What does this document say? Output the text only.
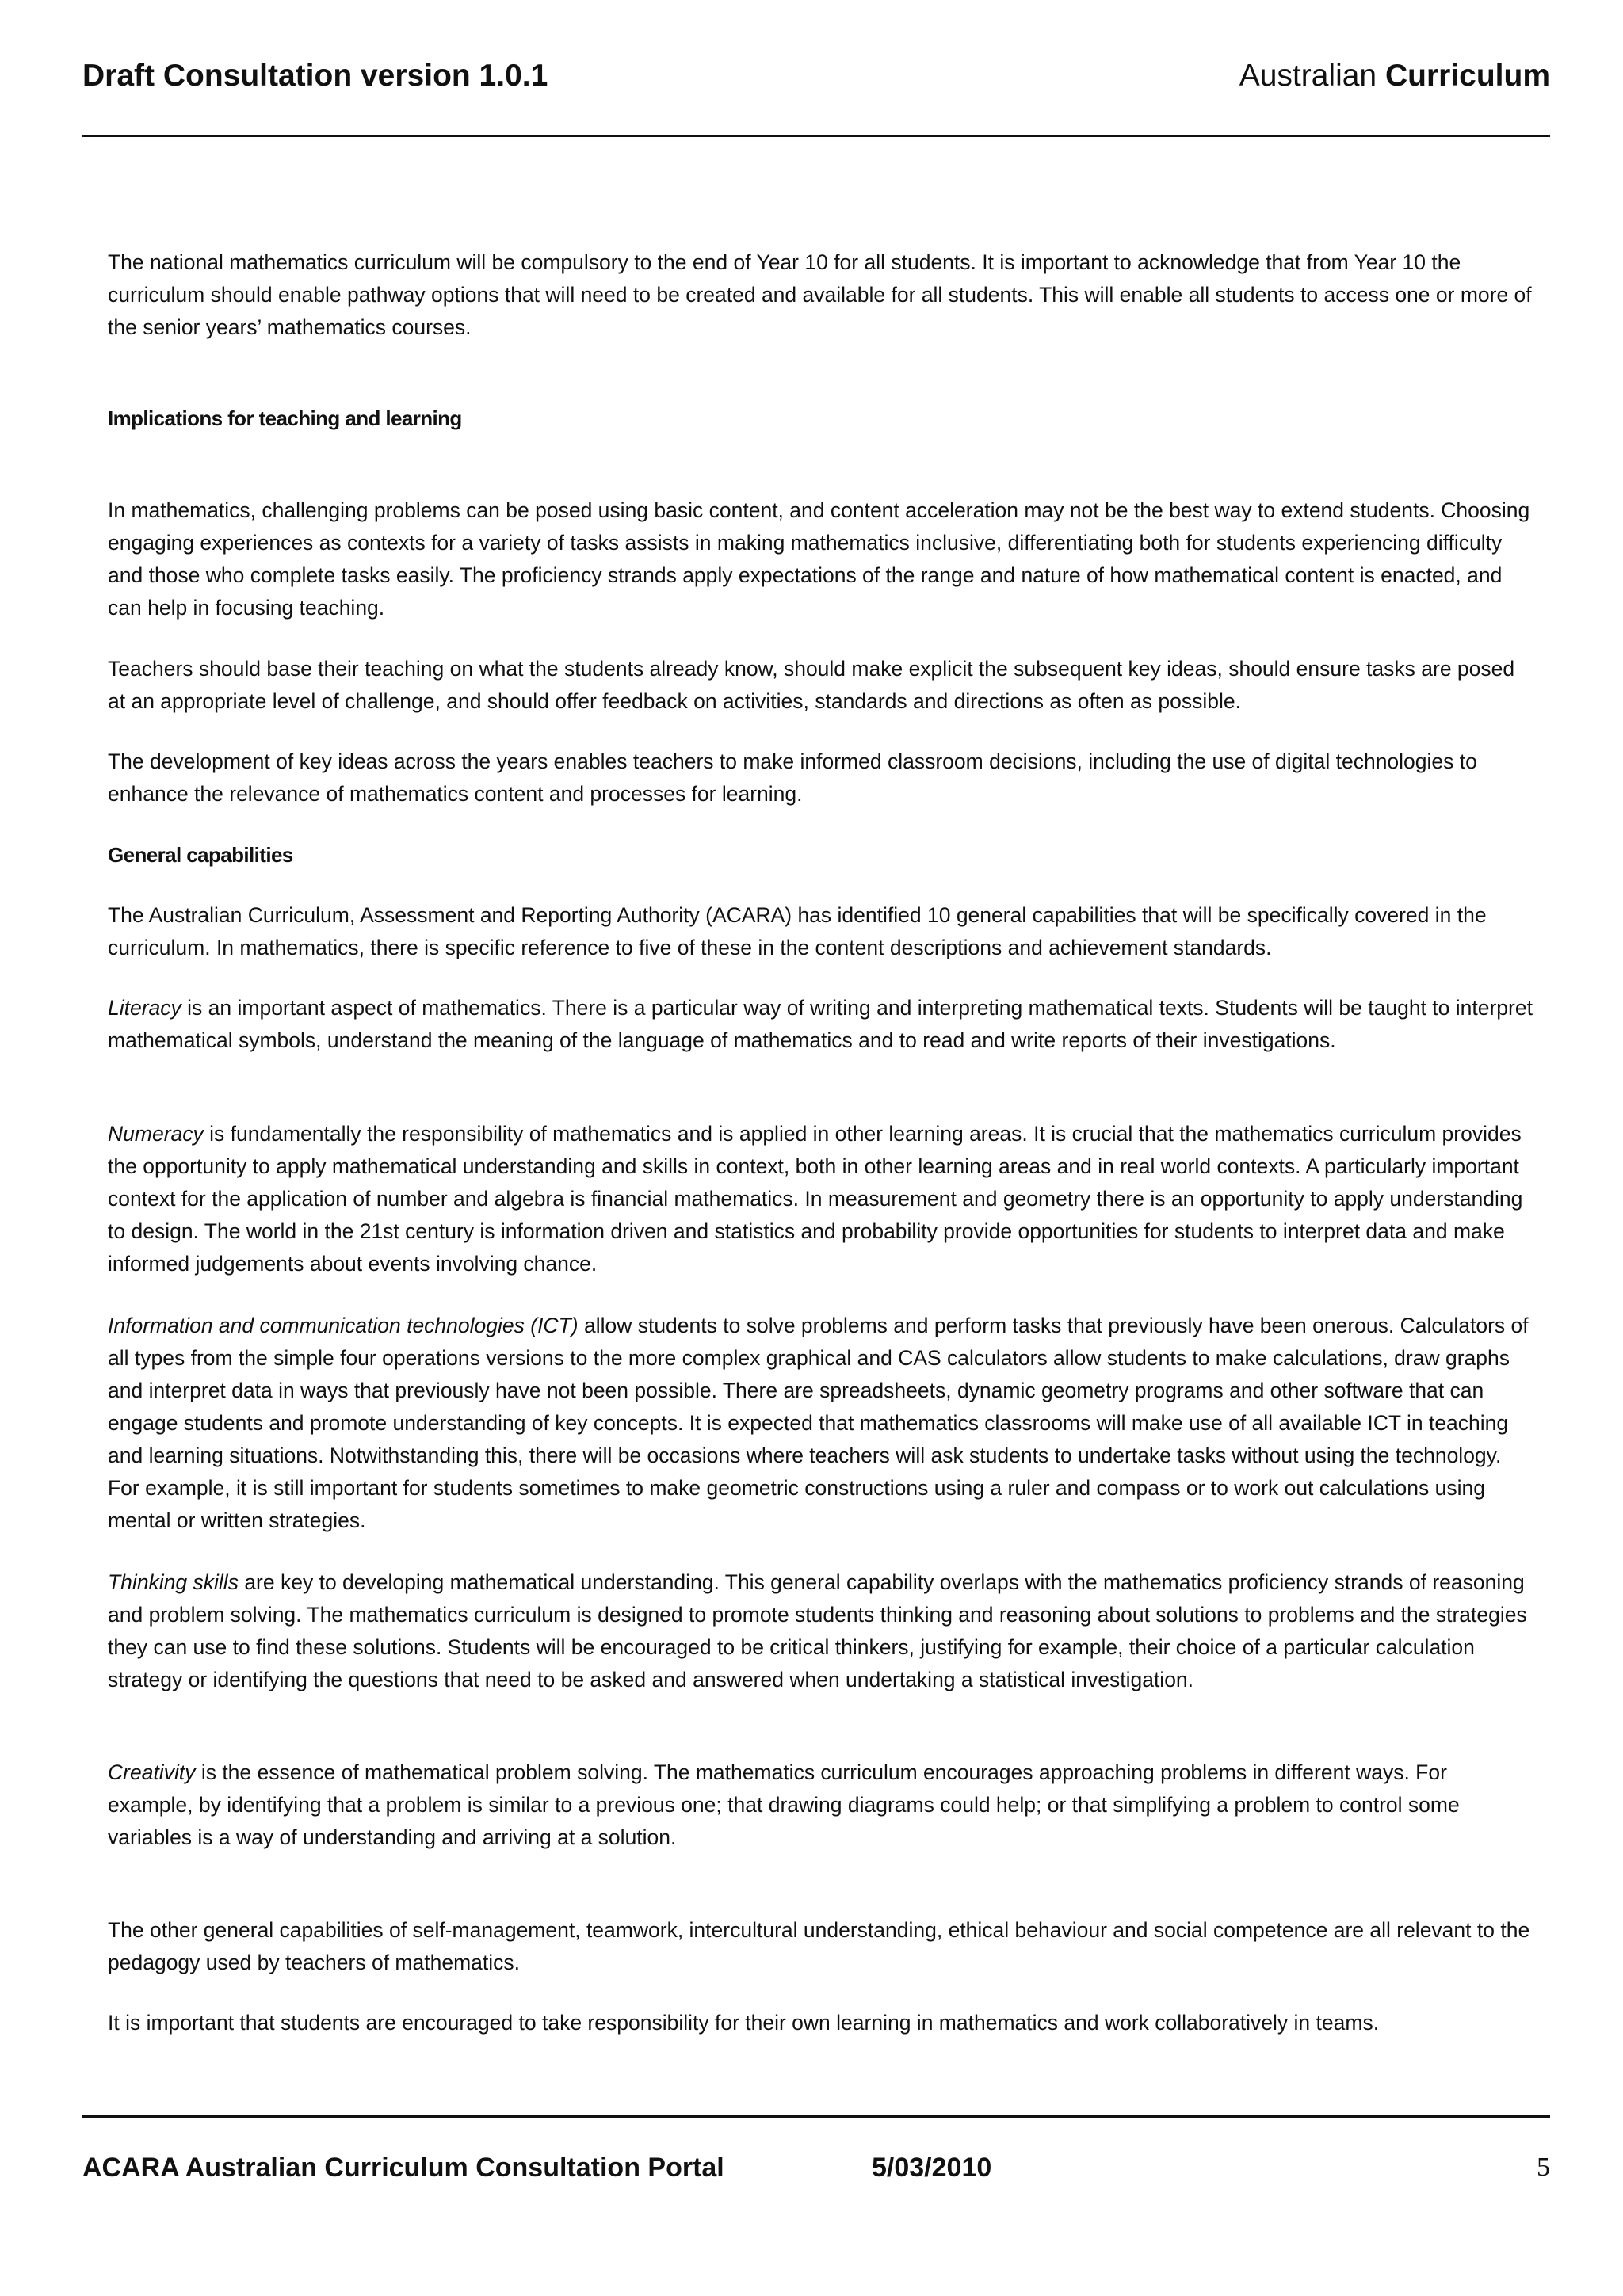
Draft Consultation version 1.0.1	Australian Curriculum

The national mathematics curriculum will be compulsory to the end of Year 10 for all students. It is important to acknowledge that from Year 10 the curriculum should enable pathway options that will need to be created and available for all students. This will enable all students to access one or more of the senior years’ mathematics courses.

Implications for teaching and learning

In mathematics, challenging problems can be posed using basic content, and content acceleration may not be the best way to extend students. Choosing engaging experiences as contexts for a variety of tasks assists in making mathematics inclusive, differentiating both for students experiencing difficulty and those who complete tasks easily. The proficiency strands apply expectations of the range and nature of how mathematical content is enacted, and can help in focusing teaching.

Teachers should base their teaching on what the students already know, should make explicit the subsequent key ideas, should ensure tasks are posed at an appropriate level of challenge, and should offer feedback on activities, standards and directions as often as possible.

The development of key ideas across the years enables teachers to make informed classroom decisions, including the use of digital technologies to enhance the relevance of mathematics content and processes for learning.

General capabilities

The Australian Curriculum, Assessment and Reporting Authority (ACARA) has identified 10 general capabilities that will be specifically covered in the curriculum. In mathematics, there is specific reference to five of these in the content descriptions and achievement standards.

Literacy is an important aspect of mathematics. There is a particular way of writing and interpreting mathematical texts. Students will be taught to interpret mathematical symbols, understand the meaning of the language of mathematics and to read and write reports of their investigations.

Numeracy is fundamentally the responsibility of mathematics and is applied in other learning areas. It is crucial that the mathematics curriculum provides the opportunity to apply mathematical understanding and skills in context, both in other learning areas and in real world contexts. A particularly important context for the application of number and algebra is financial mathematics. In measurement and geometry there is an opportunity to apply understanding to design. The world in the 21st century is information driven and statistics and probability provide opportunities for students to interpret data and make informed judgements about events involving chance.

Information and communication technologies (ICT) allow students to solve problems and perform tasks that previously have been onerous. Calculators of all types from the simple four operations versions to the more complex graphical and CAS calculators allow students to make calculations, draw graphs and interpret data in ways that previously have not been possible. There are spreadsheets, dynamic geometry programs and other software that can engage students and promote understanding of key concepts. It is expected that mathematics classrooms will make use of all available ICT in teaching and learning situations. Notwithstanding this, there will be occasions where teachers will ask students to undertake tasks without using the technology. For example, it is still important for students sometimes to make geometric constructions using a ruler and compass or to work out calculations using mental or written strategies.

Thinking skills are key to developing mathematical understanding. This general capability overlaps with the mathematics proficiency strands of reasoning and problem solving. The mathematics curriculum is designed to promote students thinking and reasoning about solutions to problems and the strategies they can use to find these solutions. Students will be encouraged to be critical thinkers, justifying for example, their choice of a particular calculation strategy or identifying the questions that need to be asked and answered when undertaking a statistical investigation.

Creativity is the essence of mathematical problem solving. The mathematics curriculum encourages approaching problems in different ways. For example, by identifying that a problem is similar to a previous one; that drawing diagrams could help; or that simplifying a problem to control some variables is a way of understanding and arriving at a solution.

The other general capabilities of self-management, teamwork, intercultural understanding, ethical behaviour and social competence are all relevant to the pedagogy used by teachers of mathematics.

It is important that students are encouraged to take responsibility for their own learning in mathematics and work collaboratively in teams.

ACARA Australian Curriculum Consultation Portal	5/03/2010	5
